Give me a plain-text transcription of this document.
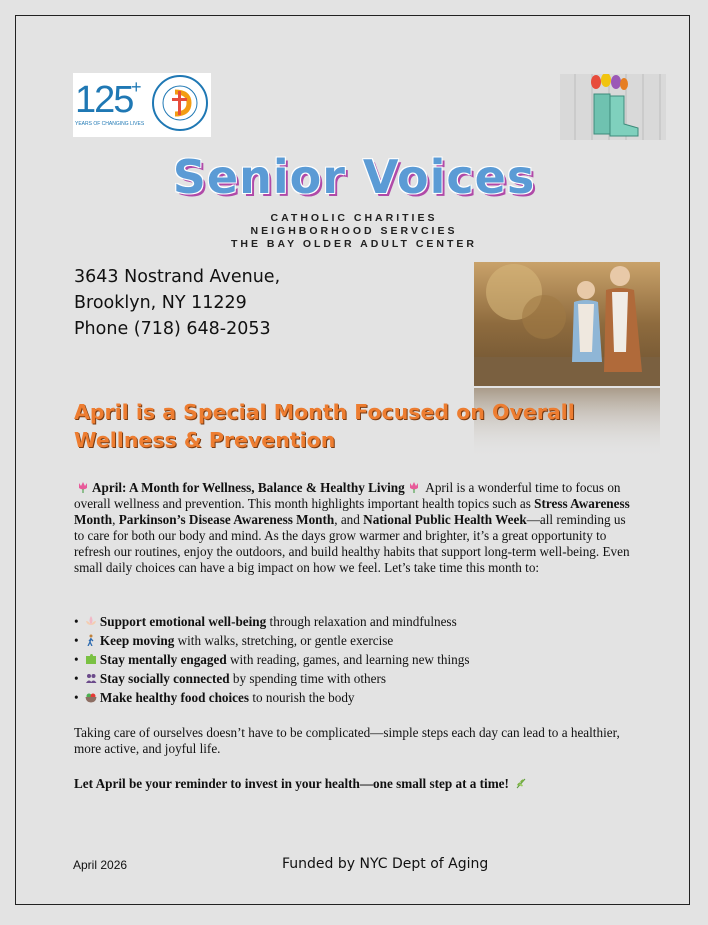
125
+
YEARS OF CHANGING LIVES
Senior Voices
CATHOLIC CHARITIES
NEIGHBORHOOD SERVCIES
THE BAY OLDER ADULT CENTER
3643 Nostrand Avenue,
Brooklyn, NY 11229
Phone (718) 648-2053
April is a Special Month Focused on Overall Wellness & Prevention
April: A Month for Wellness, Balance & Healthy Living April is a wonderful time to focus on overall wellness and prevention. This month highlights important health topics such as Stress Awareness Month, Parkinson’s Disease Awareness Month, and National Public Health Week—all reminding us to care for both our body and mind. As the days grow warmer and brighter, it’s a great opportunity to refresh our routines, enjoy the outdoors, and build healthy habits that support long-term well-being. Even small daily choices can have a big impact on how we feel. Let’s take time this month to:
• Support emotional well-being through relaxation and mindfulness
• Keep moving with walks, stretching, or gentle exercise
• Stay mentally engaged with reading, games, and learning new things
• Stay socially connected by spending time with others
• Make healthy food choices to nourish the body
Taking care of ourselves doesn’t have to be complicated—simple steps each day can lead to a healthier, more active, and joyful life.
Let April be your reminder to invest in your health—one small step at a time!
April 2026	Funded by NYC Dept of Aging
